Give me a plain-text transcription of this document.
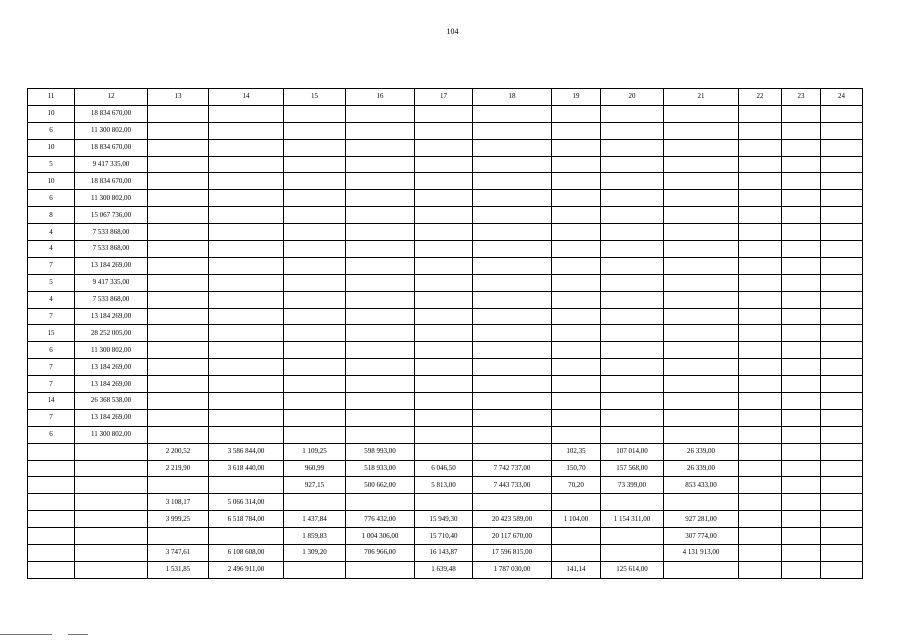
104
11	12	13	14	15	16	17	18	19	20	21	22	23	24
10	18 834 670,00												
6	11 300 802,00												
10	18 834 670,00												
5	9 417 335,00												
10	18 834 670,00												
6	11 300 802,00												
8	15 067 736,00												
4	7 533 868,00												
4	7 533 868,00												
7	13 184 269,00												
5	9 417 335,00												
4	7 533 868,00												
7	13 184 269,00												
15	28 252 005,00												
6	11 300 802,00												
7	13 184 269,00												
7	13 184 269,00												
14	26 368 538,00												
7	13 184 269,00												
6	11 300 802,00												
		2 200,52	3 586 844,00	1 109,25	598 993,00			102,35	107 014,00	26 339,00			
		2 219,90	3 618 440,00	960,99	518 933,00	6 046,50	7 742 737,00	150,70	157 568,00	26 339,00			
				927,15	500 662,00	5 813,00	7 443 733,00	70,20	73 399,00	853 433,00			
		3 108,17	5 066 314,00										
		3 999,25	6 518 784,00	1 437,84	776 432,00	15 949,30	20 423 589,00	1 104,00	1 154 311,00	927 281,00			
				1 859,83	1 004 306,00	15 710,40	20 117 670,00			307 774,00			
		3 747,61	6 108 608,00	1 309,20	706 966,00	16 143,87	17 596 815,00			4 131 913,00			
		1 531,85	2 496 911,00			1 639,48	1 787 030,00	141,14	125 614,00				
